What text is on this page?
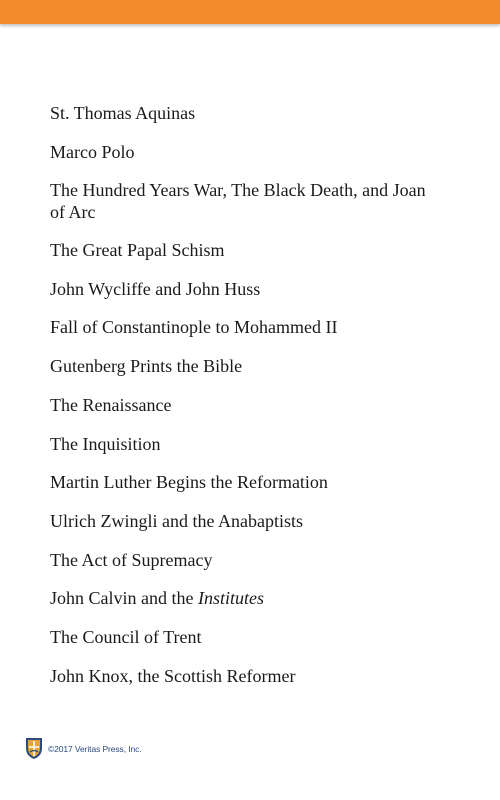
St. Thomas Aquinas
Marco Polo
The Hundred Years War, The Black Death, and Joan
of Arc
The Great Papal Schism
John Wycliffe and John Huss
Fall of Constantinople to Mohammed II
Gutenberg Prints the Bible
The Renaissance
The Inquisition
Martin Luther Begins the Reformation
Ulrich Zwingli and the Anabaptists
The Act of Supremacy
John Calvin and the Institutes
The Council of Trent
John Knox, the Scottish Reformer
©2017 Veritas Press, Inc.
